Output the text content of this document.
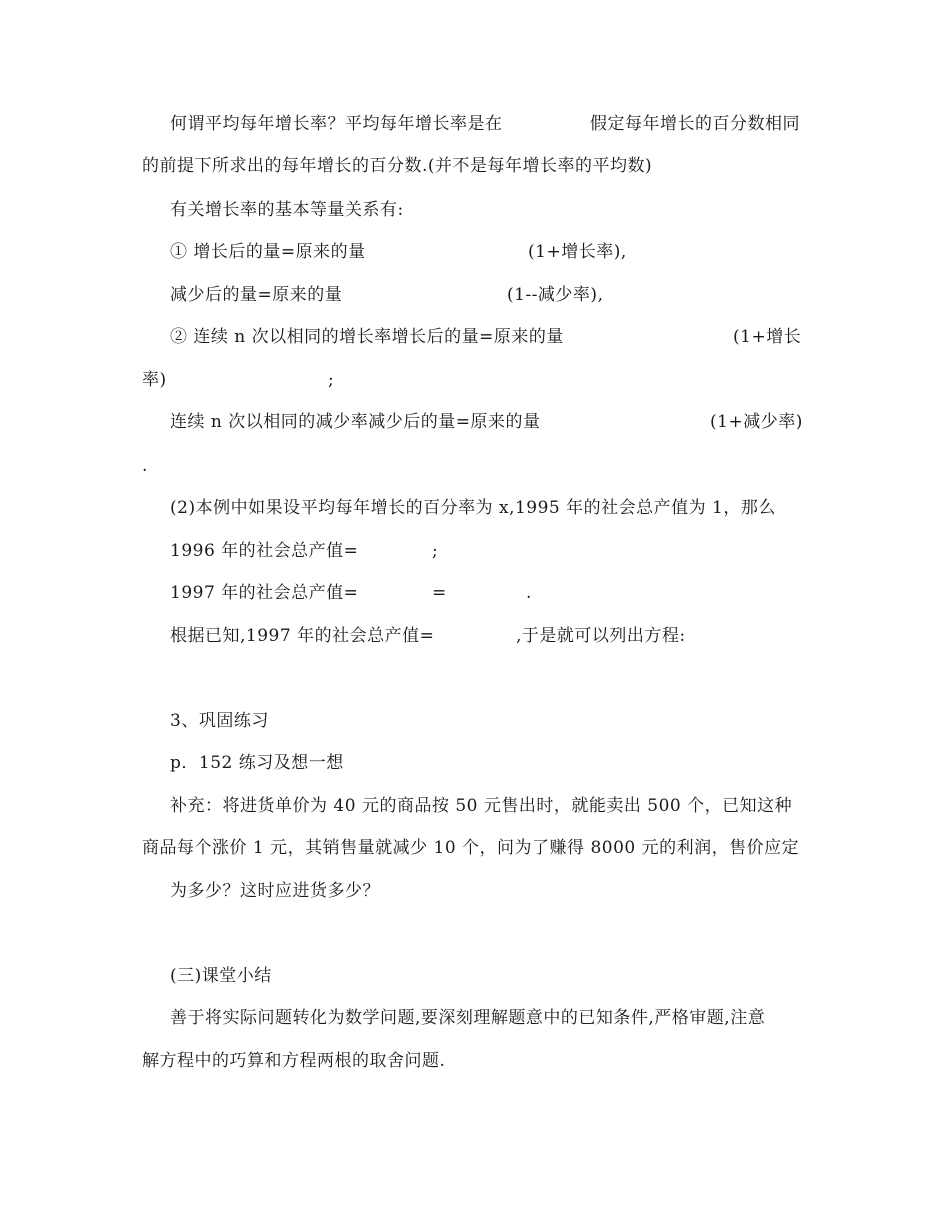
何谓平均每年增长率？平均每年增长率是在	假定每年增长的百分数相同
的前提下所求出的每年增长的百分数.(并不是每年增长率的平均数)
有关增长率的基本等量关系有:
① 增长后的量=原来的量	(1+增长率),
减少后的量=原来的量	(1--减少率),
② 连续 n 次以相同的增长率增长后的量=原来的量	(1+增长
率)	;
连续 n 次以相同的减少率减少后的量=原来的量	(1+减少率)
.
(2)本例中如果设平均每年增长的百分率为 x,1995 年的社会总产值为 1，那么
1996 年的社会总产值=	;
1997 年的社会总产值=	=	.
根据已知,1997 年的社会总产值=	,于是就可以列出方程:
3、巩固练习
p．152 练习及想一想
补充：将进货单价为 40 元的商品按 50 元售出时，就能卖出 500 个，已知这种
商品每个涨价 1 元，其销售量就减少 10 个，问为了赚得 8000 元的利润，售价应定
为多少？这时应进货多少？
(三)课堂小结
善于将实际问题转化为数学问题,要深刻理解题意中的已知条件,严格审题,注意
解方程中的巧算和方程两根的取舍问题.
